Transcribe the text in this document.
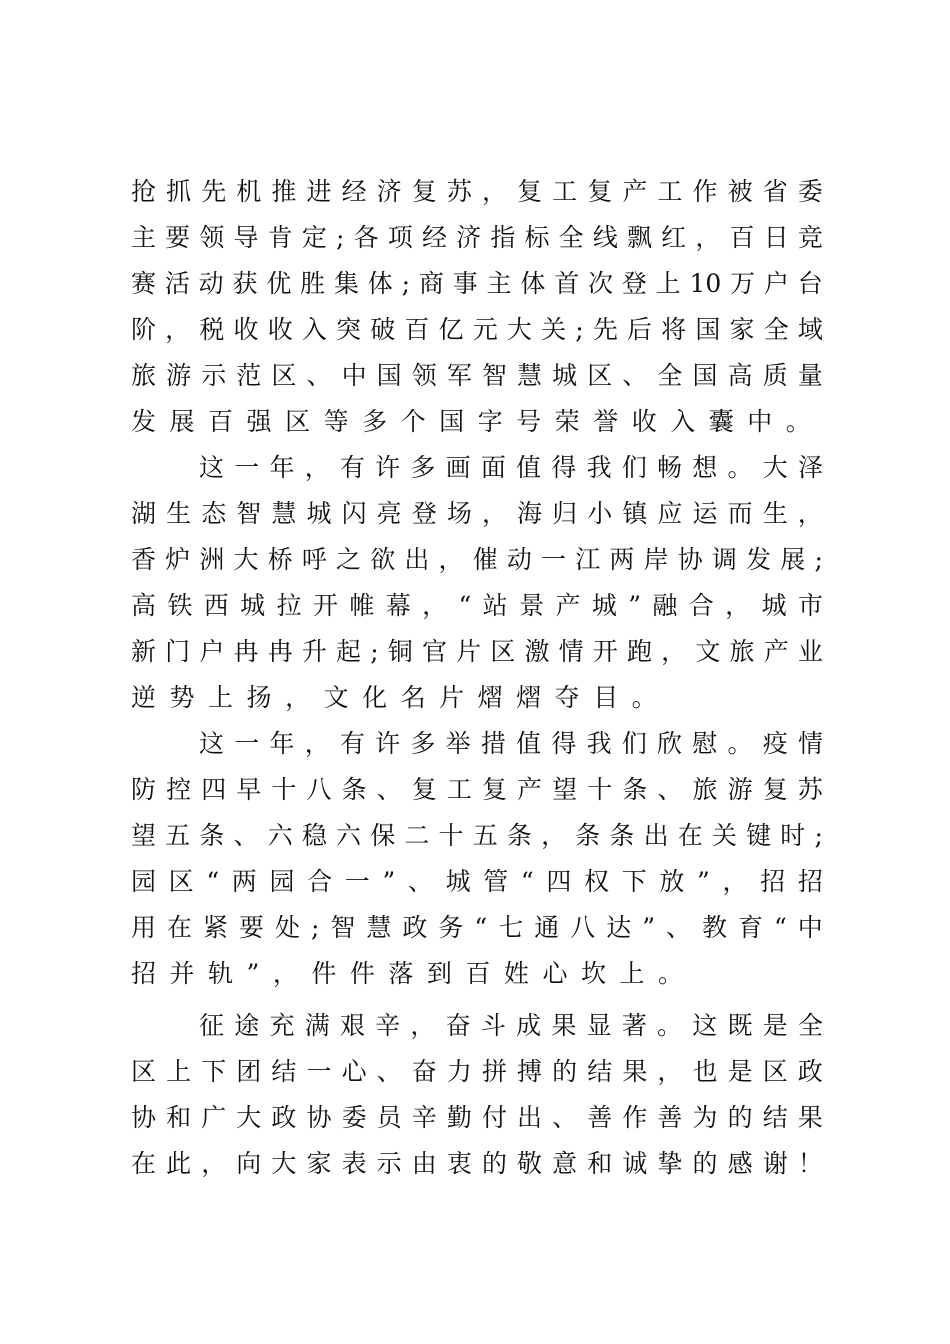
抢 抓 先 机 推 进 经 济 复 苏 ， 复 工 复 产 工 作 被 省 委
主 要 领 导 肯 定 ; 各 项 经 济 指 标 全 线 飘 红 ， 百 日 竞
赛 活 动 获 优 胜 集 体 ; 商 事 主 体 首 次 登 上 10 万 户 台
阶 ， 税 收 收 入 突 破 百 亿 元 大 关 ; 先 后 将 国 家 全 域
旅 游 示 范 区 、 中 国 领 军 智 慧 城 区 、 全 国 高 质 量
发 展 百 强 区 等 多 个 国 字 号 荣 誉 收 入 囊 中 。
这 一 年 ， 有 许 多 画 面 值 得 我 们 畅 想 。 大 泽
湖 生 态 智 慧 城 闪 亮 登 场 ， 海 归 小 镇 应 运 而 生 ，
香 炉 洲 大 桥 呼 之 欲 出 ， 催 动 一 江 两 岸 协 调 发 展 ;
高 铁 西 城 拉 开 帷 幕 ， “ 站 景 产 城 ” 融 合 ， 城 市
新 门 户 冉 冉 升 起 ; 铜 官 片 区 激 情 开 跑 ， 文 旅 产 业
逆 势 上 扬 ， 文 化 名 片 熠 熠 夺 目 。
这 一 年 ， 有 许 多 举 措 值 得 我 们 欣 慰 。 疫 情
防 控 四 早 十 八 条 、 复 工 复 产 望 十 条 、 旅 游 复 苏
望 五 条 、 六 稳 六 保 二 十 五 条 ， 条 条 出 在 关 键 时 ;
园 区 “ 两 园 合 一 ” 、 城 管 “ 四 权 下 放 ” ， 招 招
用 在 紧 要 处 ; 智 慧 政 务 “ 七 通 八 达 ” 、 教 育 “ 中
招 并 轨 ” ， 件 件 落 到 百 姓 心 坎 上 。
征 途 充 满 艰 辛 ， 奋 斗 成 果 显 著 。 这 既 是 全
区 上 下 团 结 一 心 、 奋 力 拼 搏 的 结 果 ， 也 是 区 政
协 和 广 大 政 协 委 员 辛 勤 付 出 、 善 作 善 为 的 结 果
在 此 ， 向 大 家 表 示 由 衷 的 敬 意 和 诚 挚 的 感 谢 ！
